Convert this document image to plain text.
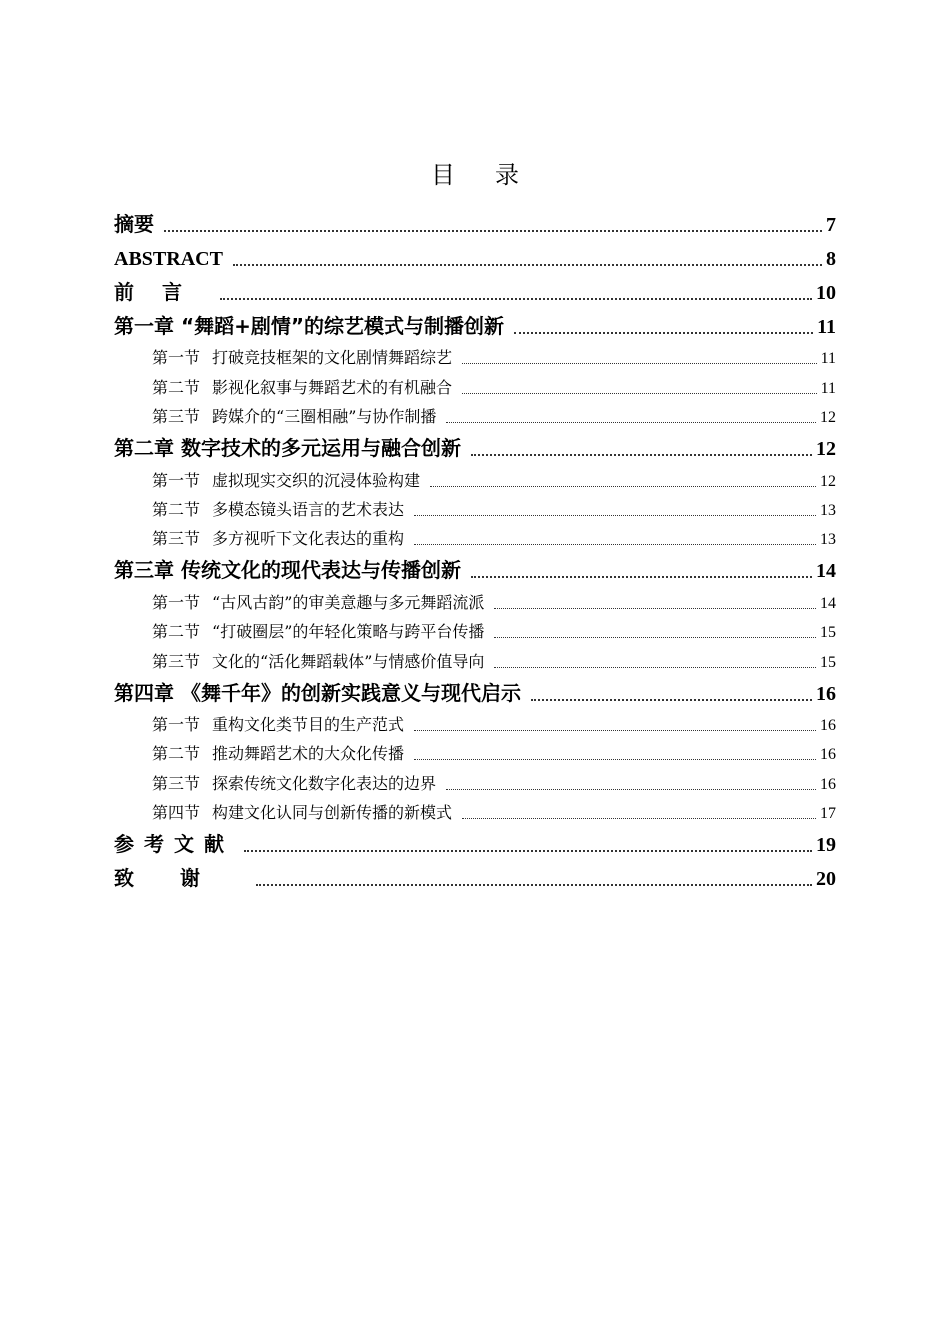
目 录
摘要	7
ABSTRACT	8
前言	10
第一章 “舞蹈+剧情”的综艺模式与制播创新	11
第一节 打破竞技框架的文化剧情舞蹈综艺	11
第二节 影视化叙事与舞蹈艺术的有机融合	11
第三节 跨媒介的“三圈相融”与协作制播	12
第二章 数字技术的多元运用与融合创新	12
第一节 虚拟现实交织的沉浸体验构建	12
第二节 多模态镜头语言的艺术表达	13
第三节 多方视听下文化表达的重构	13
第三章 传统文化的现代表达与传播创新	14
第一节 “古风古韵”的审美意趣与多元舞蹈流派	14
第二节 “打破圈层”的年轻化策略与跨平台传播	15
第三节 文化的“活化舞蹈载体”与情感价值导向	15
第四章 《舞千年》的创新实践意义与现代启示	16
第一节 重构文化类节目的生产范式	16
第二节 推动舞蹈艺术的大众化传播	16
第三节 探索传统文化数字化表达的边界	16
第四节 构建文化认同与创新传播的新模式	17
参考文献	19
致谢	20
